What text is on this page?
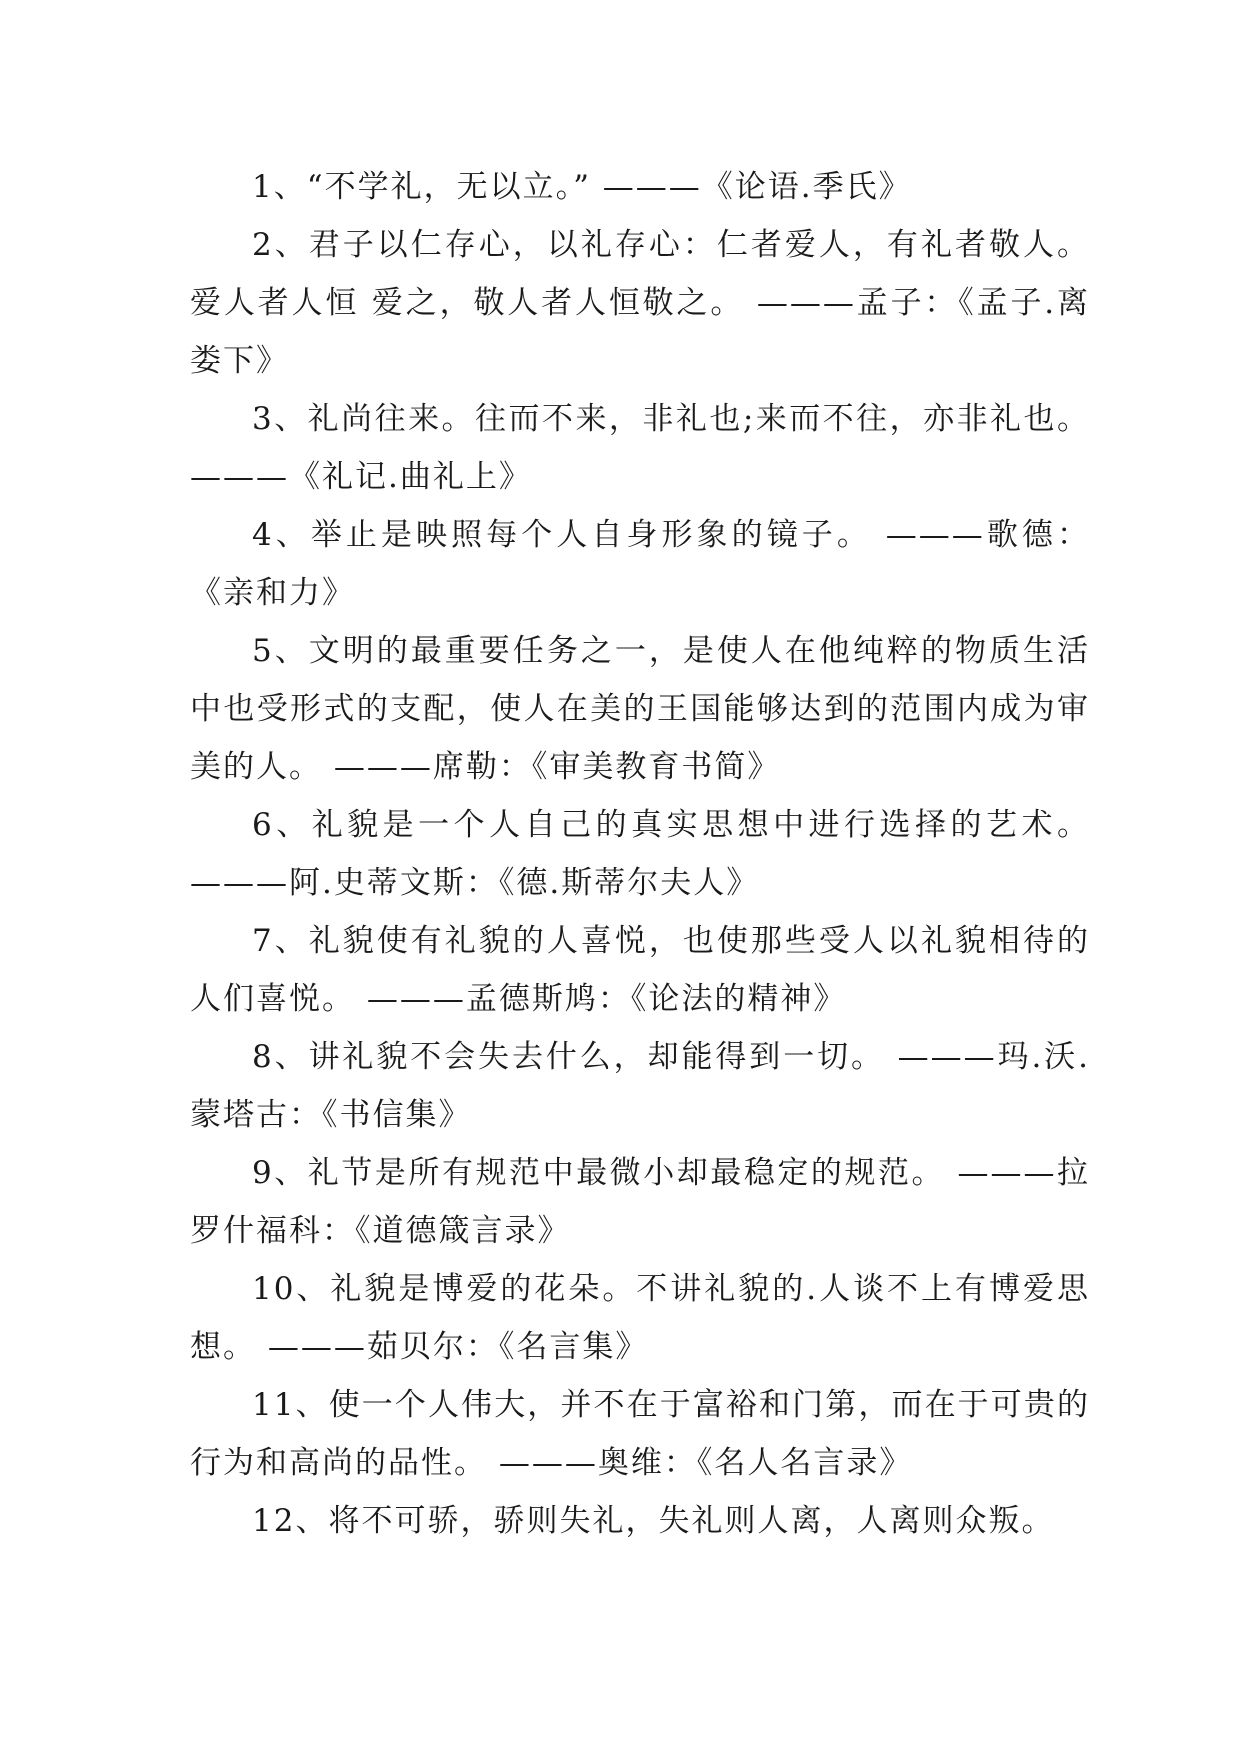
1、“不学礼，无以立。” ———《论语.季氏》

2、君子以仁存心，以礼存心：仁者爱人，有礼者敬人。爱人者人恒 爱之，敬人者人恒敬之。 ———孟子：《孟子.离娄下》

3、礼尚往来。往而不来，非礼也;来而不往，亦非礼也。 ———《礼记.曲礼上》

4、举止是映照每个人自身形象的镜子。 ———歌德：《亲和力》

5、文明的最重要任务之一，是使人在他纯粹的物质生活中也受形式的支配，使人在美的王国能够达到的范围内成为审美的人。 ———席勒：《审美教育书简》

6、礼貌是一个人自己的真实思想中进行选择的艺术。 ———阿.史蒂文斯：《德.斯蒂尔夫人》

7、礼貌使有礼貌的人喜悦，也使那些受人以礼貌相待的人们喜悦。 ———孟德斯鸠：《论法的精神》

8、讲礼貌不会失去什么，却能得到一切。 ———玛.沃.蒙塔古：《书信集》

9、礼节是所有规范中最微小却最稳定的规范。 ———拉罗什福科：《道德箴言录》

10、礼貌是博爱的花朵。不讲礼貌的.人谈不上有博爱思想。 ———茹贝尔：《名言集》

11、使一个人伟大，并不在于富裕和门第，而在于可贵的行为和高尚的品性。 ———奥维：《名人名言录》

12、将不可骄，骄则失礼，失礼则人离，人离则众叛。
